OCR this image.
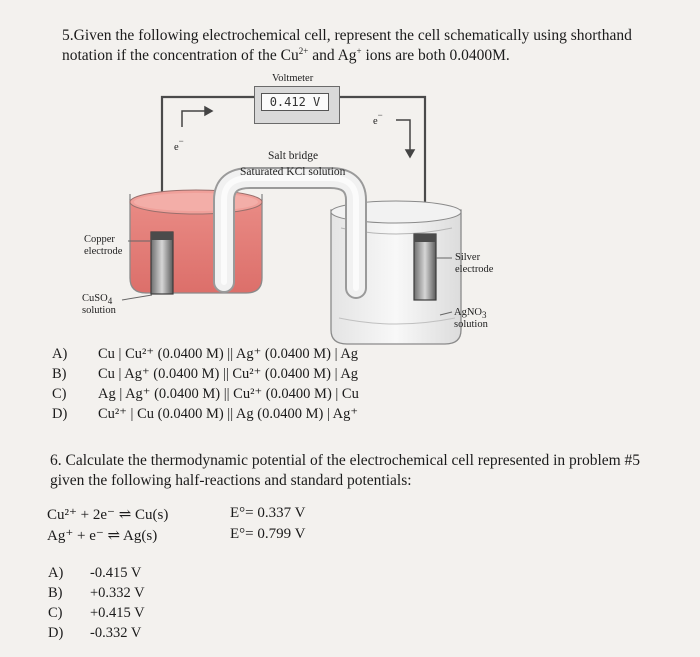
5.Given the following electrochemical cell, represent the cell schematically using shorthand
notation if the concentration of the $Cu^{2+}$ and Ag+ ions are both 0.0400M.
Voltmeter
0.412 V
e−
e−
Salt bridge
Saturated KCl solution
Copper
electrode
CuSO$_4$
solution
Silver
electrode
AgNO$_3$
solution
A) Cu | Cu²⁺ (0.0400 M) || Ag⁺ (0.0400 M) | Ag
B) Cu | Ag⁺ (0.0400 M) || Cu²⁺ (0.0400 M) | Ag
C) Ag | Ag⁺ (0.0400 M) || Cu²⁺ (0.0400 M) | Cu
D) Cu²⁺ | Cu (0.0400 M) || Ag (0.0400 M) | Ag⁺
6. Calculate the thermodynamic potential of the electrochemical cell represented in problem #5
given the following half-reactions and standard potentials:
Cu²⁺ + 2e⁻ ⇌ Cu(s)	E°= 0.337 V
Ag⁺ + e⁻ ⇌ Ag(s)	E°= 0.799 V
A) -0.415 V
B) +0.332 V
C) +0.415 V
D) -0.332 V
